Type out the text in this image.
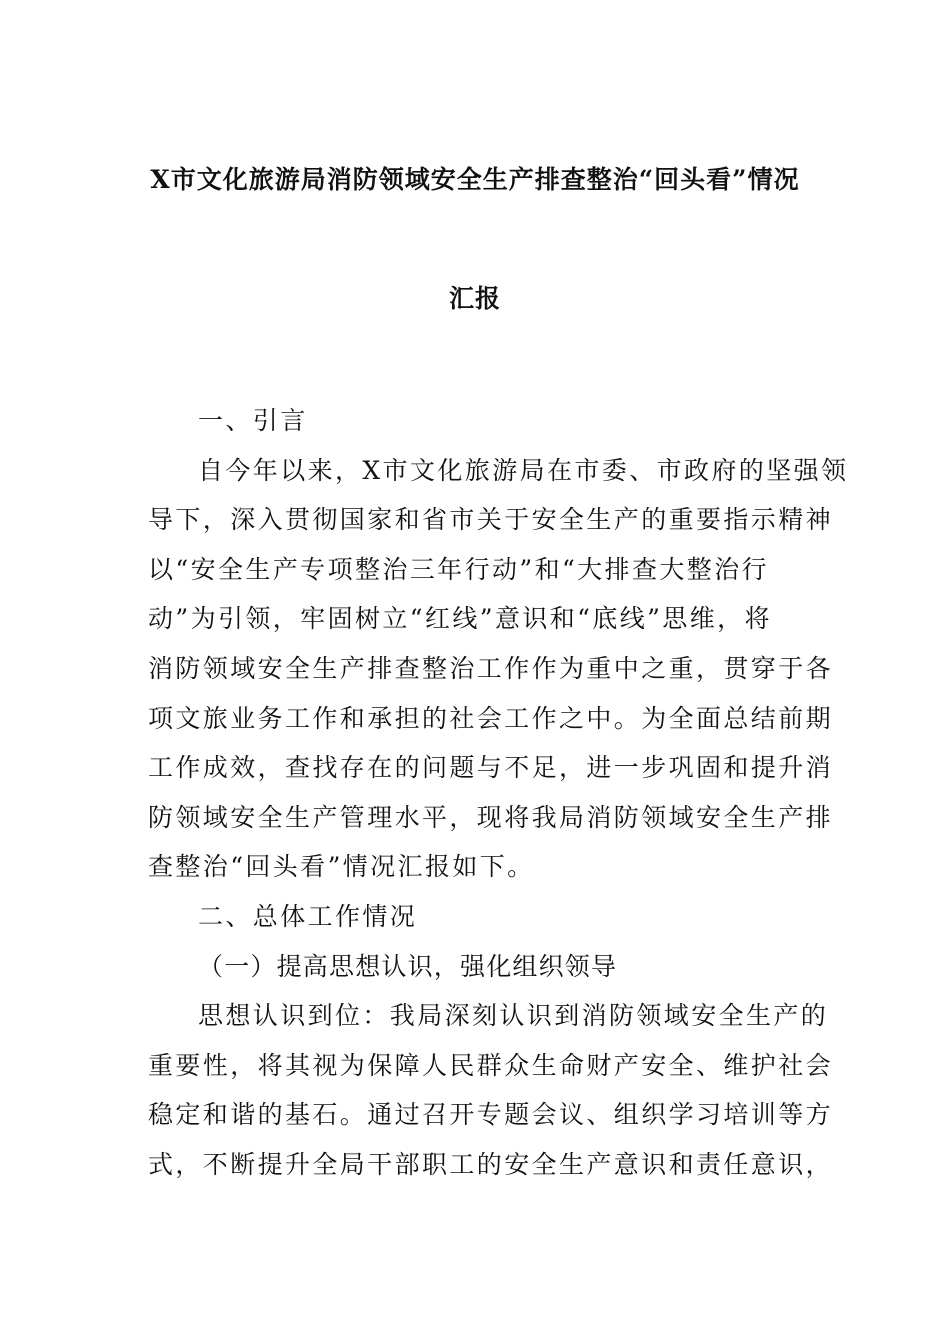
X市文化旅游局消防领域安全生产排查整治“回头看”情况
汇报
一、引言
自今年以来，X市文化旅游局在市委、市政府的坚强领
导下，深入贯彻国家和省市关于安全生产的重要指示精神
以“安全生产专项整治三年行动”和“大排查大整治行
动”为引领，牢固树立“红线”意识和“底线”思维，将
消防领域安全生产排查整治工作作为重中之重，贯穿于各
项文旅业务工作和承担的社会工作之中。为全面总结前期
工作成效，查找存在的问题与不足，进一步巩固和提升消
防领域安全生产管理水平，现将我局消防领域安全生产排
查整治“回头看”情况汇报如下。
二、总体工作情况
（一）提高思想认识，强化组织领导
思想认识到位：我局深刻认识到消防领域安全生产的
重要性，将其视为保障人民群众生命财产安全、维护社会
稳定和谐的基石。通过召开专题会议、组织学习培训等方
式，不断提升全局干部职工的安全生产意识和责任意识，
